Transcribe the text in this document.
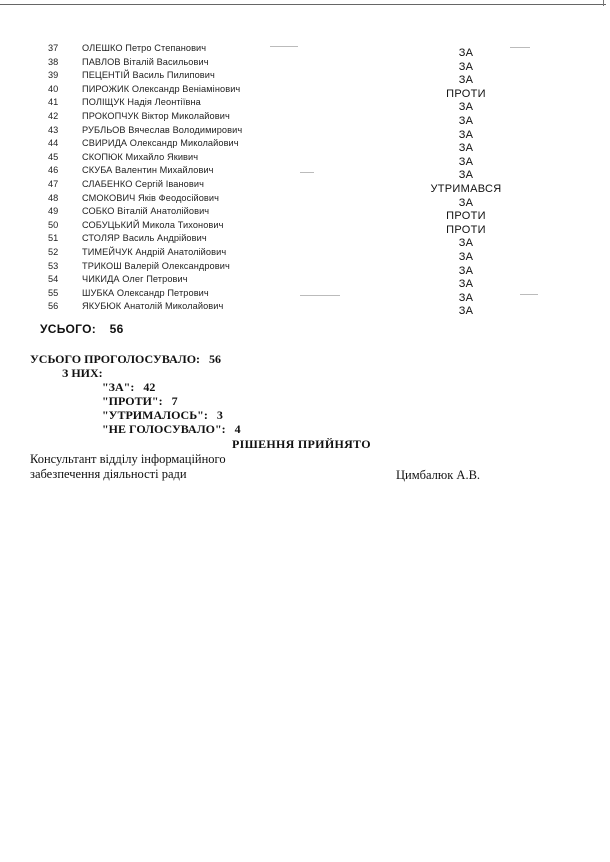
37	ОЛЕШКО Петро Степанович	ЗА
38	ПАВЛОВ Віталій Васильович	ЗА
39	ПЕЦЕНТІЙ Василь Пилипович	ЗА
40	ПИРОЖИК Олександр Веніамінович	ПРОТИ
41	ПОЛІЩУК Надія Леонтіївна	ЗА
42	ПРОКОПЧУК Віктор Миколайович	ЗА
43	РУБЛЬОВ Вячеслав Володимирович	ЗА
44	СВИРИДА Олександр Миколайович	ЗА
45	СКОПЮК Михайло Якивич	ЗА
46	СКУБА Валентин Михайлович	ЗА
47	СЛАБЕНКО Сергій Іванович	УТРИМАВСЯ
48	СМОКОВИЧ Яків Феодосійович	ЗА
49	СОБКО Віталій Анатолійович	ПРОТИ
50	СОБУЦЬКИЙ Микола Тихонович	ПРОТИ
51	СТОЛЯР Василь Андрійович	ЗА
52	ТИМЕЙЧУК Андрій Анатолійович	ЗА
53	ТРИКОШ Валерій Олександрович	ЗА
54	ЧИКИДА Олег Петрович	ЗА
55	ШУБКА Олександр Петрович	ЗА
56	ЯКУБЮК Анатолій Миколайович	ЗА
УСЬОГО: 56
УСЬОГО ПРОГОЛОСУВАЛО: 56
З НИХ:
"ЗА": 42
"ПРОТИ": 7
"УТРИМАЛОСЬ": 3
"НЕ ГОЛОСУВАЛО": 4
РІШЕННЯ ПРИЙНЯТО
Консультант відділу інформаційного
забезпечення діяльності ради	Цимбалюк А.В.
